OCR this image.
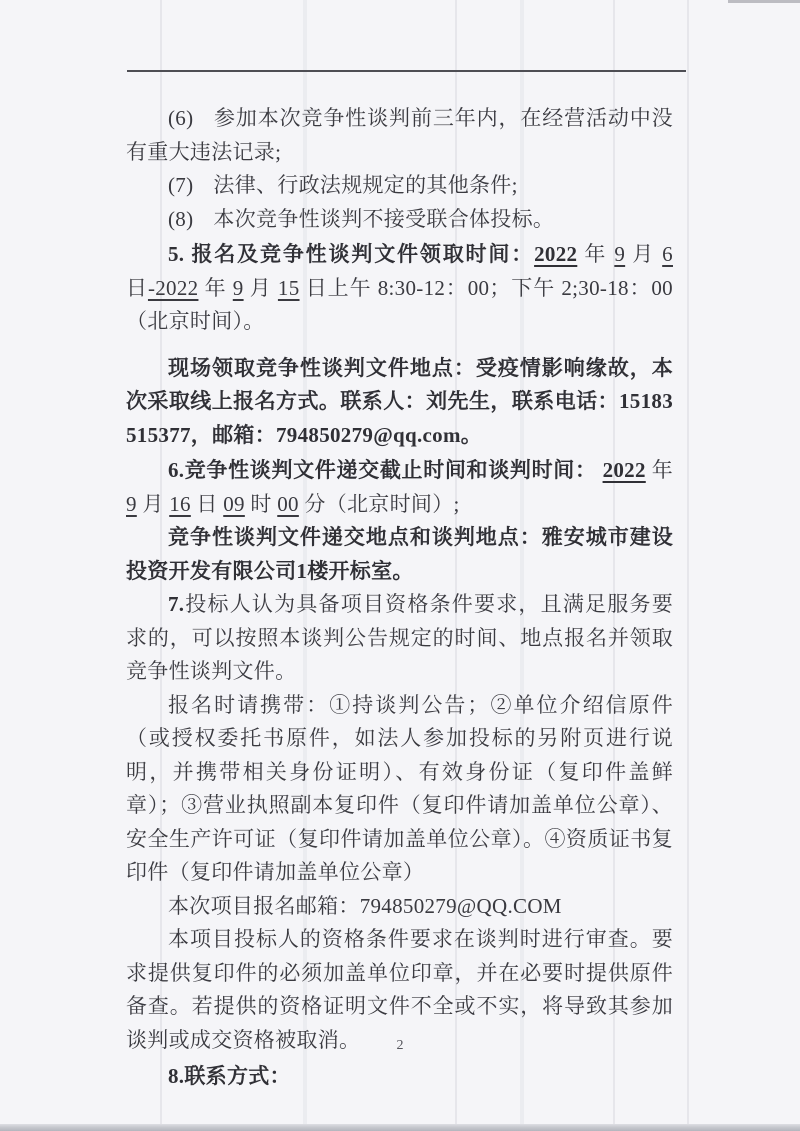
(6) 参加本次竞争性谈判前三年内，在经营活动中没有重大违法记录;

(7) 法律、行政法规规定的其他条件;

(8) 本次竞争性谈判不接受联合体投标。

5. 报名及竞争性谈判文件领取时间：2022 年 9 月 6 日-2022 年 9 月 15 日上午 8:30-12：00；下午 2;30-18：00（北京时间）。

现场领取竞争性谈判文件地点：受疫情影响缘故，本次采取线上报名方式。联系人：刘先生，联系电话：15183515377，邮箱：794850279@qq.com。

6.竞争性谈判文件递交截止时间和谈判时间： 2022 年 9 月 16 日 09 时 00 分（北京时间）;

竞争性谈判文件递交地点和谈判地点：雅安城市建设投资开发有限公司1楼开标室。

7.投标人认为具备项目资格条件要求，且满足服务要求的，可以按照本谈判公告规定的时间、地点报名并领取竞争性谈判文件。

报名时请携带：①持谈判公告；②单位介绍信原件（或授权委托书原件，如法人参加投标的另附页进行说明，并携带相关身份证明）、有效身份证（复印件盖鲜章）；③营业执照副本复印件（复印件请加盖单位公章）、安全生产许可证（复印件请加盖单位公章）。④资质证书复印件（复印件请加盖单位公章）

本次项目报名邮箱：794850279@QQ.COM

本项目投标人的资格条件要求在谈判时进行审查。要求提供复印件的必须加盖单位印章，并在必要时提供原件备查。若提供的资格证明文件不全或不实，将导致其参加谈判或成交资格被取消。

8.联系方式：

2
